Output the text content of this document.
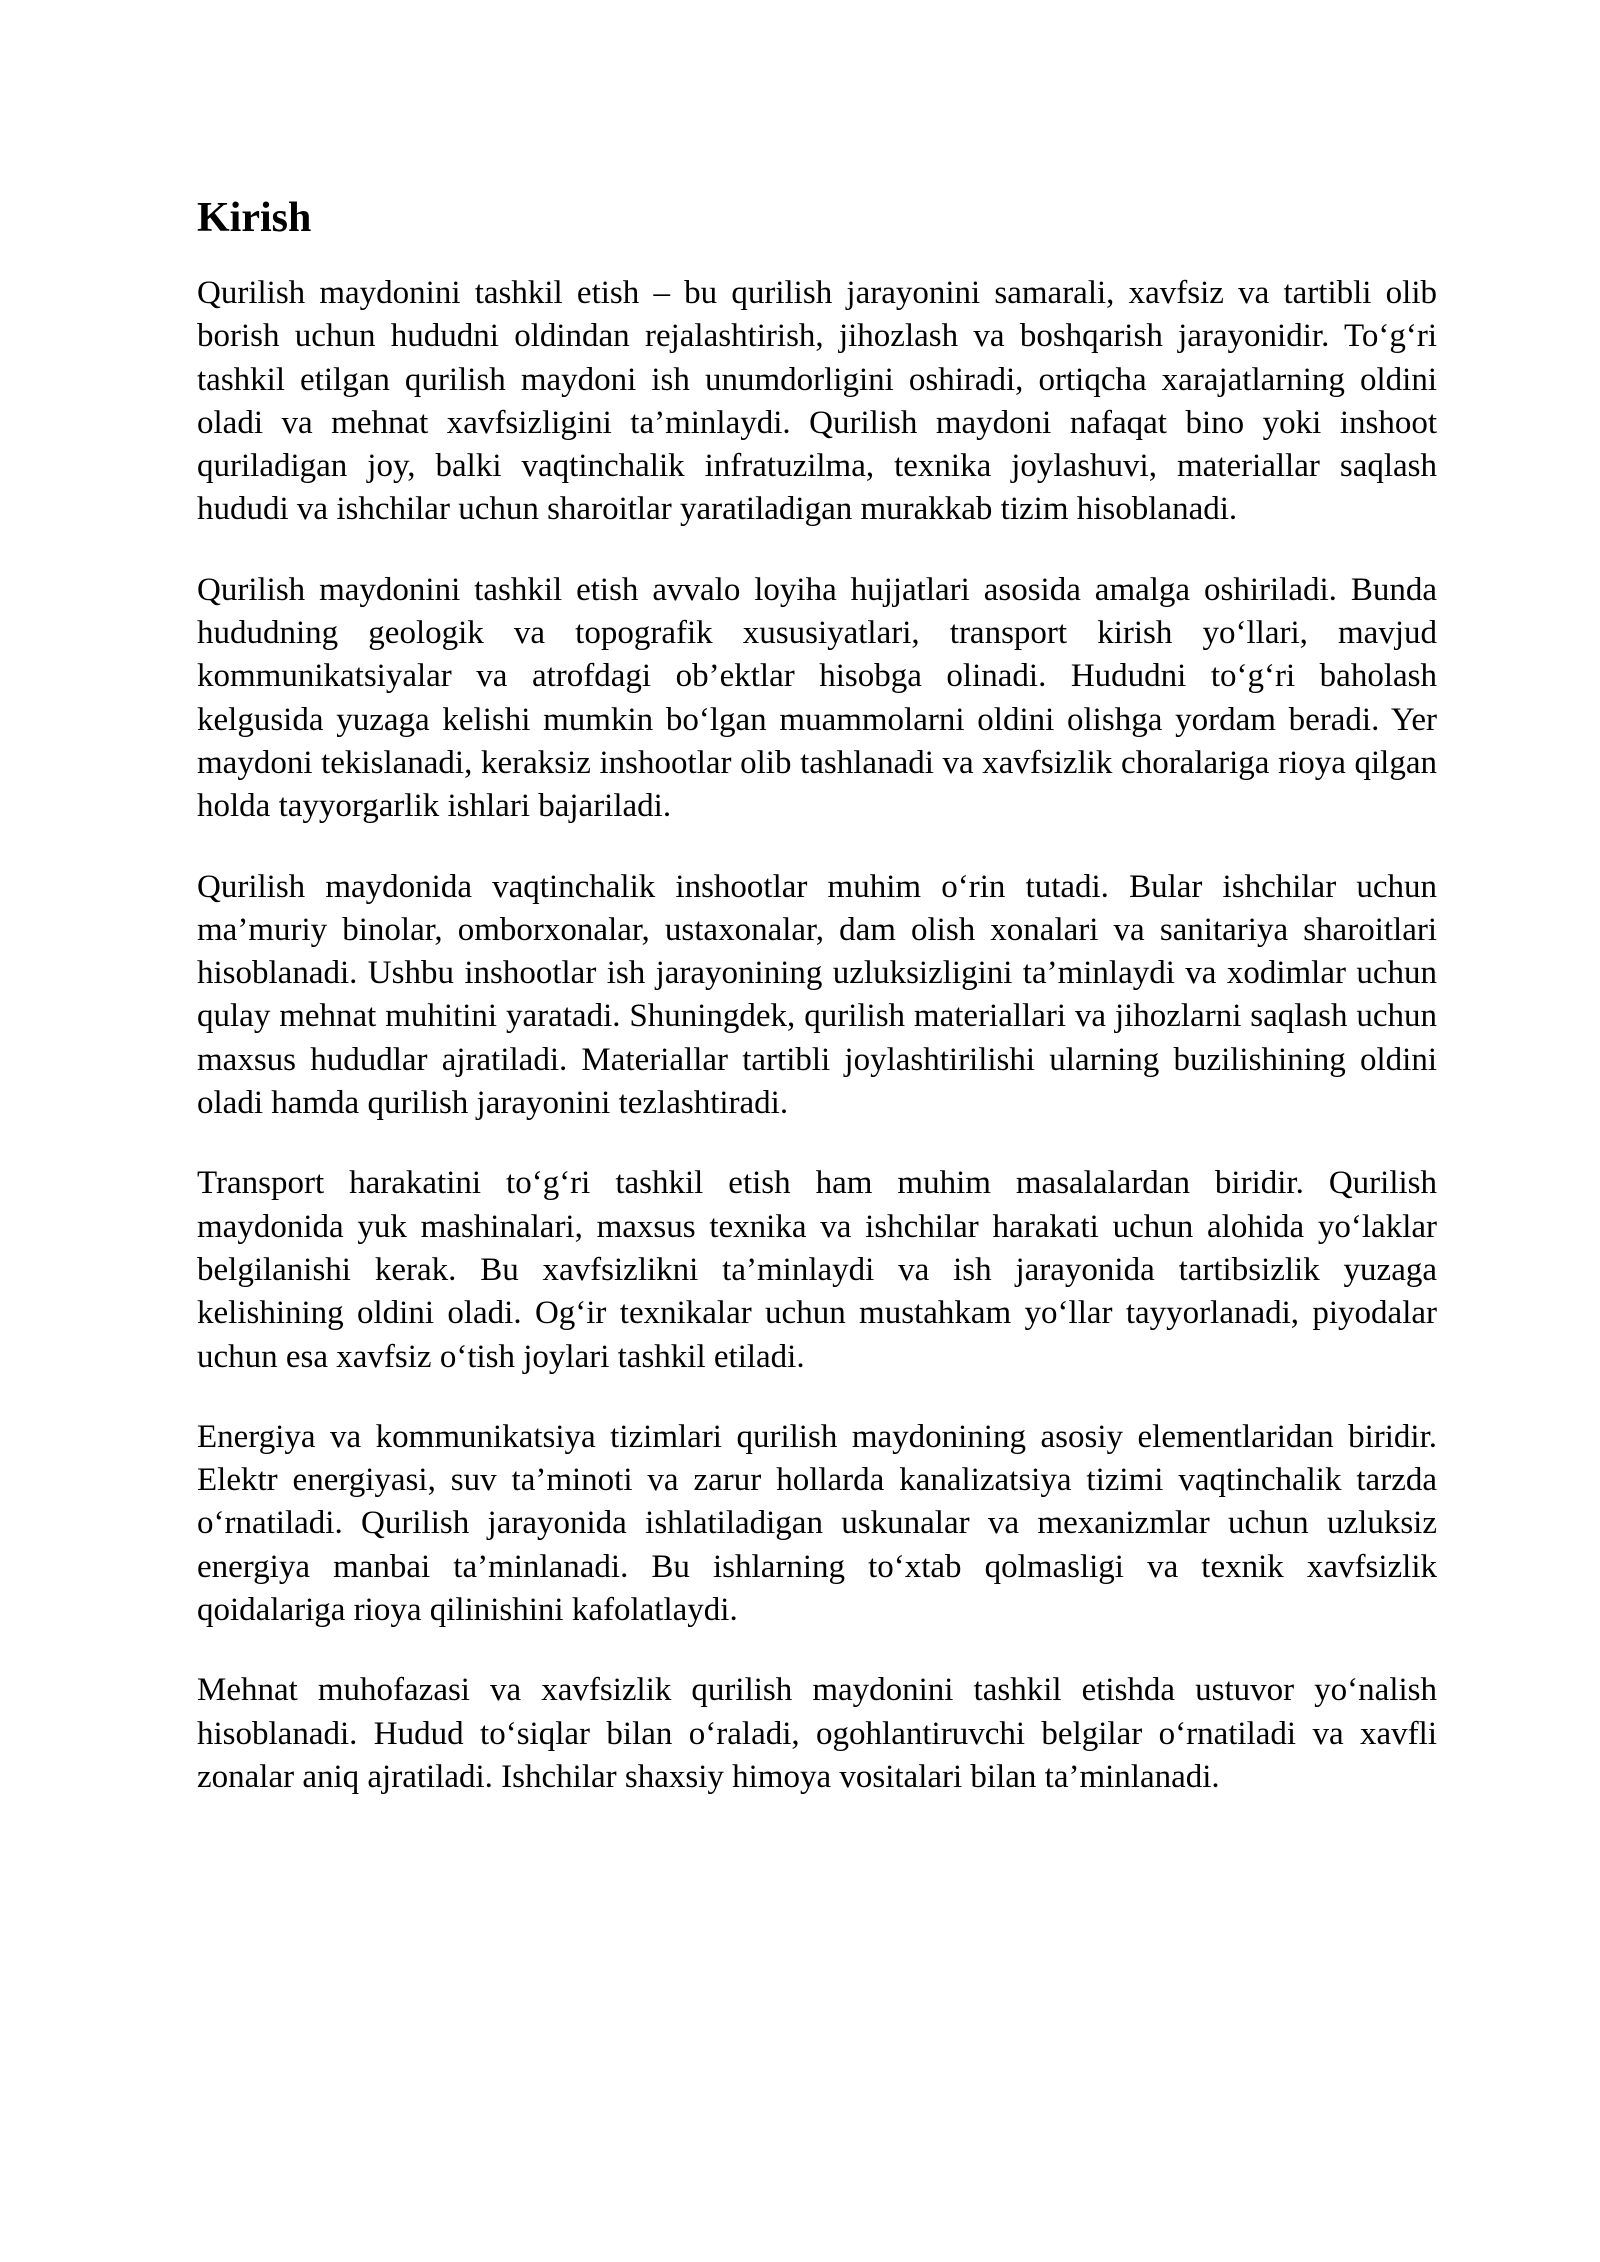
Kirish

Qurilish maydonini tashkil etish – bu qurilish jarayonini samarali, xavfsiz va tartibli olib borish uchun hududni oldindan rejalashtirish, jihozlash va boshqarish jarayonidir. To‘g‘ri tashkil etilgan qurilish maydoni ish unumdorligini oshiradi, ortiqcha xarajatlarning oldini oladi va mehnat xavfsizligini ta’minlaydi. Qurilish maydoni nafaqat bino yoki inshoot quriladigan joy, balki vaqtinchalik infratuzilma, texnika joylashuvi, materiallar saqlash hududi va ishchilar uchun sharoitlar yaratiladigan murakkab tizim hisoblanadi.

Qurilish maydonini tashkil etish avvalo loyiha hujjatlari asosida amalga oshiriladi. Bunda hududning geologik va topografik xususiyatlari, transport kirish yo‘llari, mavjud kommunikatsiyalar va atrofdagi ob’ektlar hisobga olinadi. Hududni to‘g‘ri baholash kelgusida yuzaga kelishi mumkin bo‘lgan muammolarni oldini olishga yordam beradi. Yer maydoni tekislanadi, keraksiz inshootlar olib tashlanadi va xavfsizlik choralariga rioya qilgan holda tayyorgarlik ishlari bajariladi.

Qurilish maydonida vaqtinchalik inshootlar muhim o‘rin tutadi. Bular ishchilar uchun ma’muriy binolar, omborxonalar, ustaxonalar, dam olish xonalari va sanitariya sharoitlari hisoblanadi. Ushbu inshootlar ish jarayonining uzluksizligini ta’minlaydi va xodimlar uchun qulay mehnat muhitini yaratadi. Shuningdek, qurilish materiallari va jihozlarni saqlash uchun maxsus hududlar ajratiladi. Materiallar tartibli joylashtirilishi ularning buzilishining oldini oladi hamda qurilish jarayonini tezlashtiradi.

Transport harakatini to‘g‘ri tashkil etish ham muhim masalalardan biridir. Qurilish maydonida yuk mashinalari, maxsus texnika va ishchilar harakati uchun alohida yo‘laklar belgilanishi kerak. Bu xavfsizlikni ta’minlaydi va ish jarayonida tartibsizlik yuzaga kelishining oldini oladi. Og‘ir texnikalar uchun mustahkam yo‘llar tayyorlanadi, piyodalar uchun esa xavfsiz o‘tish joylari tashkil etiladi.

Energiya va kommunikatsiya tizimlari qurilish maydonining asosiy elementlaridan biridir. Elektr energiyasi, suv ta’minoti va zarur hollarda kanalizatsiya tizimi vaqtinchalik tarzda o‘rnatiladi. Qurilish jarayonida ishlatiladigan uskunalar va mexanizmlar uchun uzluksiz energiya manbai ta’minlanadi. Bu ishlarning to‘xtab qolmasligi va texnik xavfsizlik qoidalariga rioya qilinishini kafolatlaydi.

Mehnat muhofazasi va xavfsizlik qurilish maydonini tashkil etishda ustuvor yo‘nalish hisoblanadi. Hudud to‘siqlar bilan o‘raladi, ogohlantiruvchi belgilar o‘rnatiladi va xavfli zonalar aniq ajratiladi. Ishchilar shaxsiy himoya vositalari bilan ta’minlanadi.
